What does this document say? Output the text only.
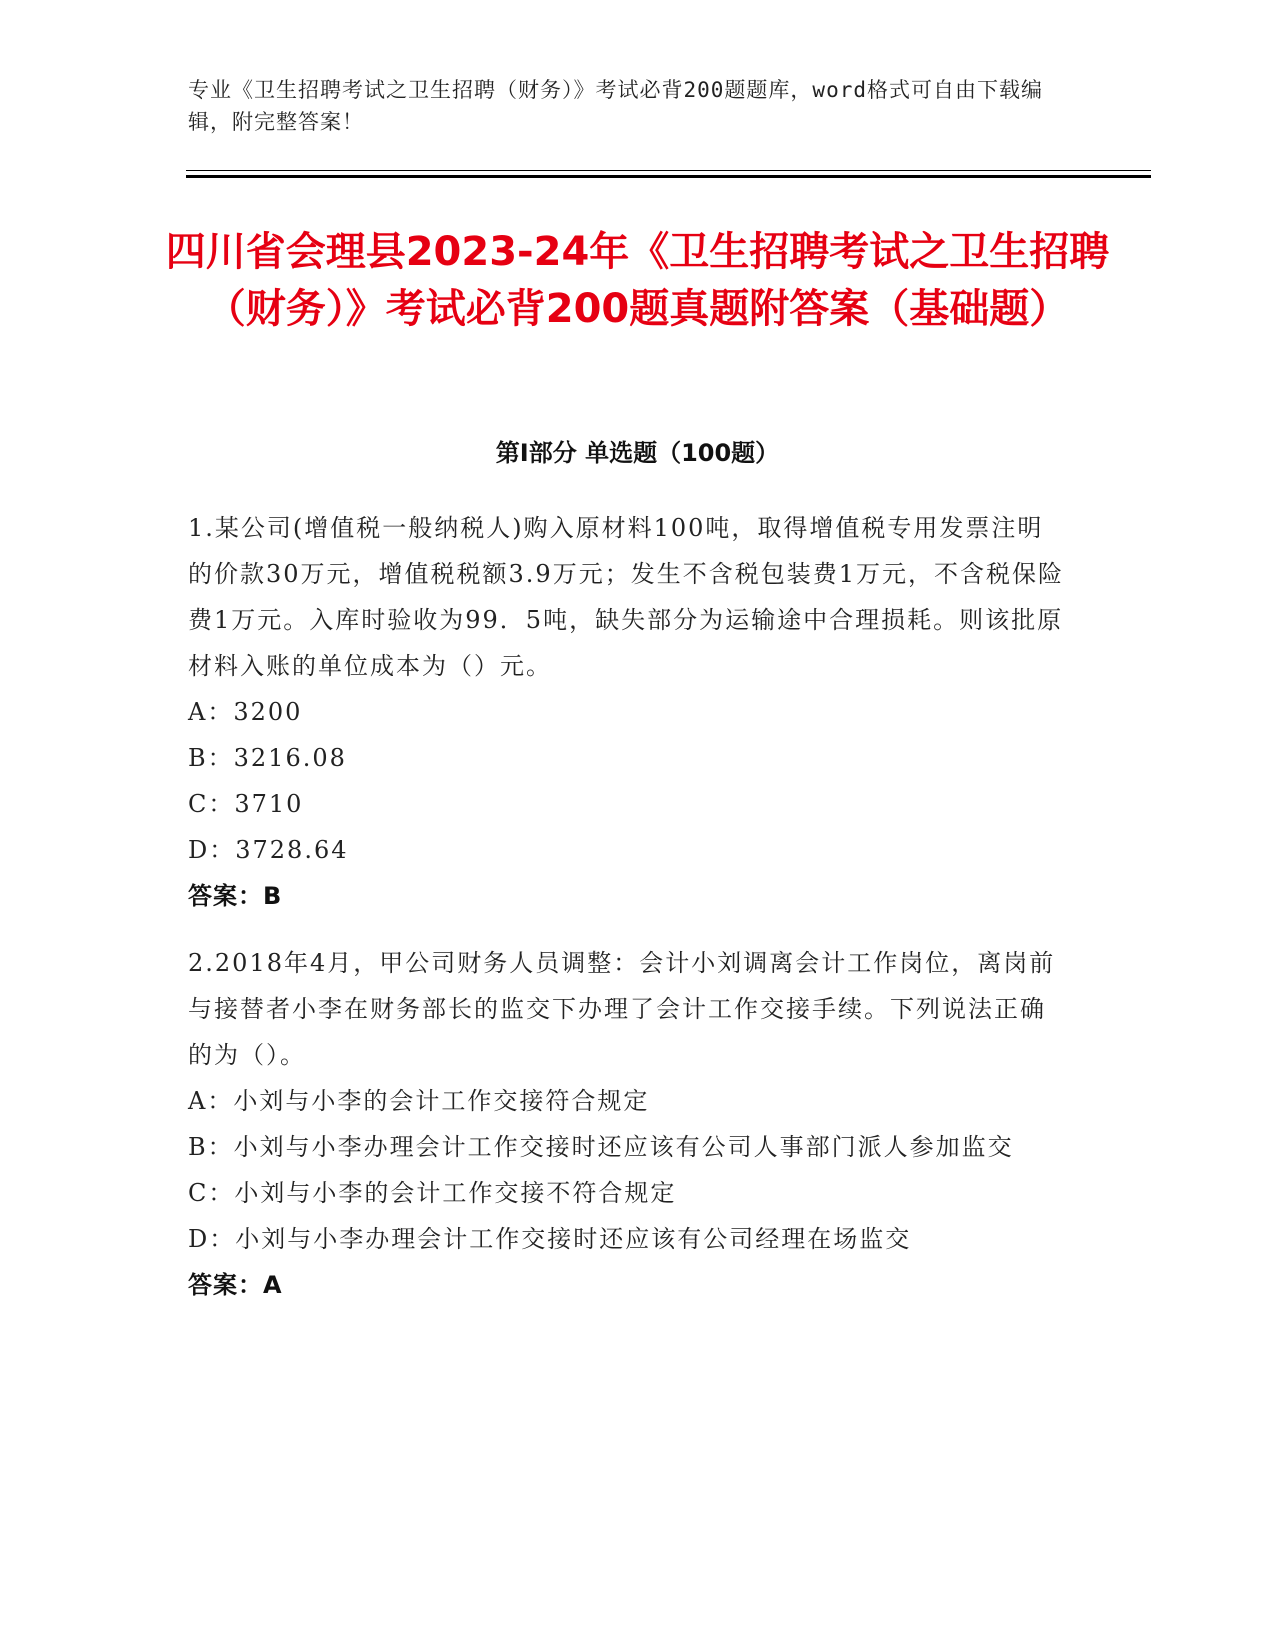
专业《卫生招聘考试之卫生招聘（财务）》考试必背200题题库，word格式可自由下载编辑，附完整答案！
四川省会理县2023-24年《卫生招聘考试之卫生招聘（财务）》考试必背200题真题附答案（基础题）
第Ⅰ部分 单选题（100题）
1.某公司(增值税一般纳税人)购入原材料100吨，取得增值税专用发票注明的价款30万元，增值税税额3.9万元；发生不含税包装费1万元，不含税保险费1万元。入库时验收为99．5吨，缺失部分为运输途中合理损耗。则该批原材料入账的单位成本为（）元。
A：3200
B：3216.08
C：3710
D：3728.64
答案：B
2.2018年4月，甲公司财务人员调整：会计小刘调离会计工作岗位，离岗前与接替者小李在财务部长的监交下办理了会计工作交接手续。下列说法正确的为（）。
A：小刘与小李的会计工作交接符合规定
B：小刘与小李办理会计工作交接时还应该有公司人事部门派人参加监交
C：小刘与小李的会计工作交接不符合规定
D：小刘与小李办理会计工作交接时还应该有公司经理在场监交
答案：A
